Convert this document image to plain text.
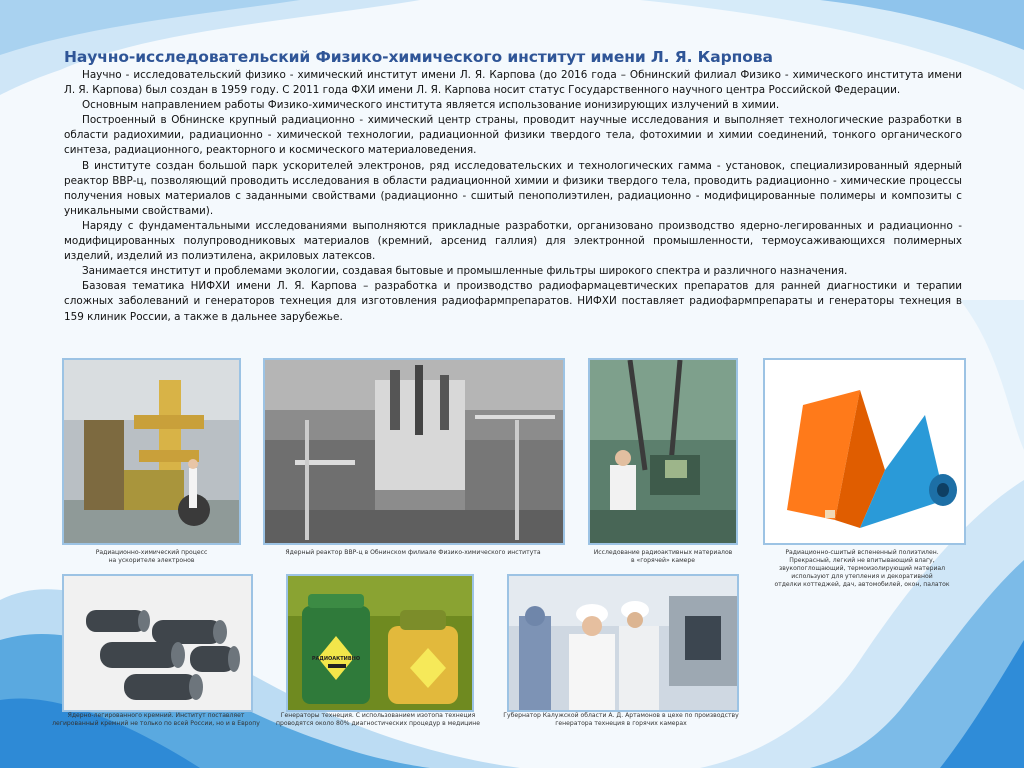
Научно-исследовательский Физико-химического институт имени Л. Я. Карпова

Научно - исследовательский физико - химический институт имени Л. Я. Карпова (до 2016 года – Обнинский филиал Физико - химического института имени Л. Я. Карпова) был создан в 1959 году. С 2011 года ФХИ имени Л. Я. Карпова носит статус Государственного научного центра Российской Федерации.

Основным направлением работы Физико-химического института является использование ионизирующих излучений в химии.

Построенный в Обнинске крупный радиационно - химический центр страны, проводит научные исследования и выполняет технологические разработки в области радиохимии, радиационно - химической технологии, радиационной физики твердого тела, фотохимии и химии соединений, тонкого органического синтеза, радиационного, реакторного и космического материаловедения.

В институте создан большой парк ускорителей электронов, ряд исследовательских и технологических гамма - установок, специализированный ядерный реактор ВВР-ц, позволяющий проводить исследования в области радиационной химии и физики твердого тела, проводить радиационно - химические процессы получения новых материалов с заданными свойствами (радиационно - сшитый пенополиэтилен, радиационно - модифицированные полимеры и композиты с уникальными свойствами).

Наряду с фундаментальными исследованиями выполняются прикладные разработки, организовано производство ядерно-легированных и радиационно - модифицированных полупроводниковых материалов (кремний, арсенид галлия) для электронной промышленности, термоусаживающихся полимерных изделий, изделий из полиэтилена, акриловых латексов.

Занимается институт и проблемами экологии, создавая бытовые и промышленные фильтры широкого спектра и различного назначения.

Базовая тематика НИФХИ имени Л. Я. Карпова – разработка и производство радиофармацевтических препаратов для ранней диагностики и терапии сложных заболеваний и генераторов технеция для изготовления радиофармпрепаратов. НИФХИ поставляет радиофармпрепараты и генераторы технеция в 159 клиник России, а также в дальнее зарубежье.

Радиационно-химический процесс
на ускорителе электронов
Ядерный реактор ВВР-ц в Обнинском филиале Физико-химического института	Исследование радиоактивных материалов
в «горячей» камере
Радиационно-сшитый вспененный полиэтилен.
Прекрасный, легкий не впитывающий влагу,
звукопоглощающий, термоизолирующий материал
используют для утепления и декоративной
отделки коттеджей, дач, автомобилей, окон, палаток
Ядерно-легированного кремний. Институт поставляет
легированный кремний не только по всей России, но и в Европу
РАДИОАКТИВНО
Генераторы технеция. С использованием изотопа технеция
проводятся около 80% диагностических процедур в медицине
Губернатор Калужской области А. Д. Артамонов в цехе по производству
генератора технеция в горячих камерах
